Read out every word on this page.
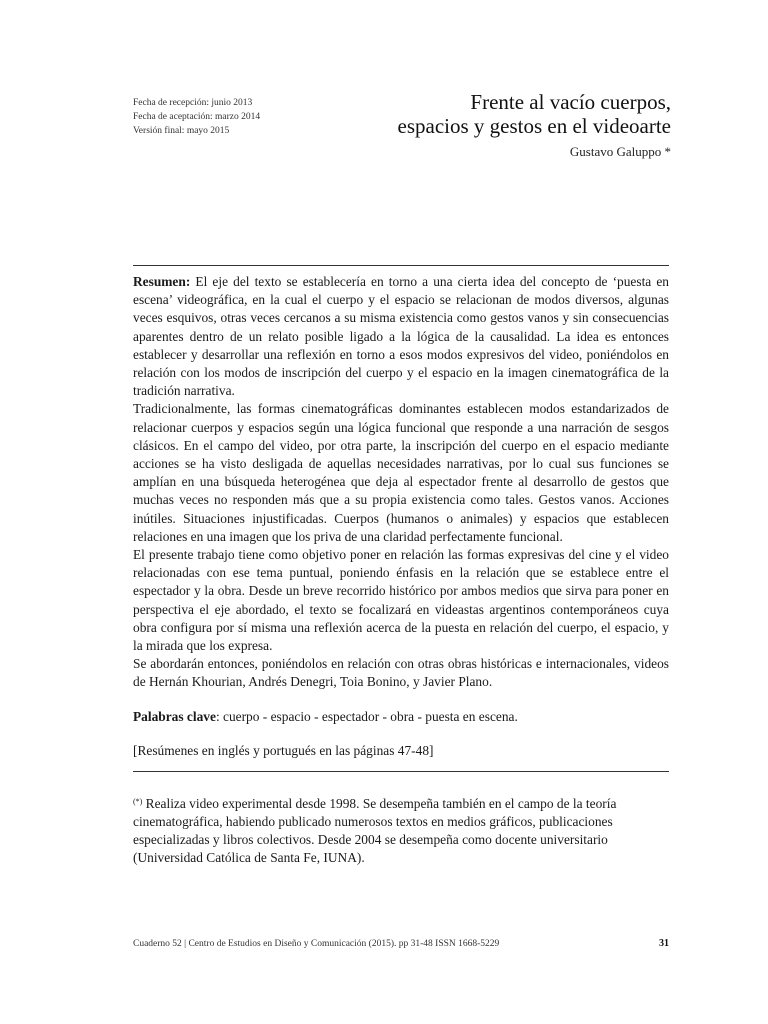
Fecha de recepción: junio 2013
Fecha de aceptación: marzo 2014
Versión final: mayo 2015
Frente al vacío cuerpos,
espacios y gestos en el videoarte
Gustavo Galuppo *

Resumen: El eje del texto se establecería en torno a una cierta idea del concepto de ‘puesta en escena’ videográfica, en la cual el cuerpo y el espacio se relacionan de modos diversos, algunas veces esquivos, otras veces cercanos a su misma existencia como gestos vanos y sin consecuencias aparentes dentro de un relato posible ligado a la lógica de la causalidad. La idea es entonces establecer y desarrollar una reflexión en torno a esos modos expresivos del video, poniéndolos en relación con los modos de inscripción del cuerpo y el espacio en la imagen cinematográfica de la tradición narrativa.

Tradicionalmente, las formas cinematográficas dominantes establecen modos estandarizados de relacionar cuerpos y espacios según una lógica funcional que responde a una narración de sesgos clásicos. En el campo del video, por otra parte, la inscripción del cuerpo en el espacio mediante acciones se ha visto desligada de aquellas necesidades narrativas, por lo cual sus funciones se amplían en una búsqueda heterogénea que deja al espectador frente al desarrollo de gestos que muchas veces no responden más que a su propia existencia como tales. Gestos vanos. Acciones inútiles. Situaciones injustificadas. Cuerpos (humanos o animales) y espacios que establecen relaciones en una imagen que los priva de una claridad perfectamente funcional.

El presente trabajo tiene como objetivo poner en relación las formas expresivas del cine y el video relacionadas con ese tema puntual, poniendo énfasis en la relación que se establece entre el espectador y la obra. Desde un breve recorrido histórico por ambos medios que sirva para poner en perspectiva el eje abordado, el texto se focalizará en videastas argentinos contemporáneos cuya obra configura por sí misma una reflexión acerca de la puesta en relación del cuerpo, el espacio, y la mirada que los expresa.

Se abordarán entonces, poniéndolos en relación con otras obras históricas e internacionales, videos de Hernán Khourian, Andrés Denegri, Toia Bonino, y Javier Plano.

Palabras clave: cuerpo - espacio - espectador - obra - puesta en escena.
[Resúmenes en inglés y portugués en las páginas 47-48]
(*) Realiza video experimental desde 1998. Se desempeña también en el campo de la teoría cinematográfica, habiendo publicado numerosos textos en medios gráficos, publicaciones especializadas y libros colectivos. Desde 2004 se desempeña como docente universitario (Universidad Católica de Santa Fe, IUNA).
Cuaderno 52 | Centro de Estudios en Diseño y Comunicación (2015). pp 31-48 ISSN 1668-5229	31
